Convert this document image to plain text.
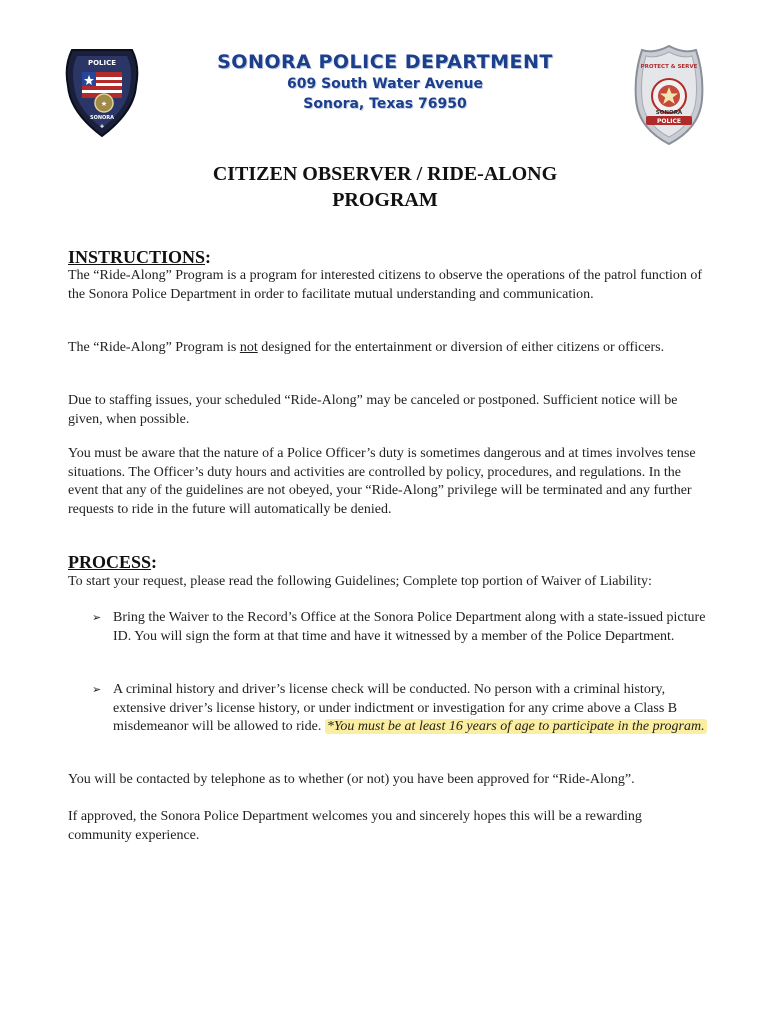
POLICE
★
SONORA
✚
SONORA POLICE DEPARTMENT
609 South Water Avenue
Sonora, Texas 76950
PROTECT & SERVE
SONORA
POLICE
CITIZEN OBSERVER / RIDE-ALONG
PROGRAM
INSTRUCTIONS:
The “Ride-Along” Program is a program for interested citizens to observe the operations of the patrol function of the Sonora Police Department in order to facilitate mutual understanding and communication.
The “Ride-Along” Program is not designed for the entertainment or diversion of either citizens or officers.
Due to staffing issues, your scheduled “Ride-Along” may be canceled or postponed. Sufficient notice will be given, when possible.
You must be aware that the nature of a Police Officer’s duty is sometimes dangerous and at times involves tense situations. The Officer’s duty hours and activities are controlled by policy, procedures, and regulations. In the event that any of the guidelines are not obeyed, your “Ride-Along” privilege will be terminated and any further requests to ride in the future will automatically be denied.
PROCESS:
To start your request, please read the following Guidelines; Complete top portion of Waiver of Liability:
➢ Bring the Waiver to the Record’s Office at the Sonora Police Department along with a state-issued picture ID. You will sign the form at that time and have it witnessed by a member of the Police Department.
➢ A criminal history and driver’s license check will be conducted. No person with a criminal history, extensive driver’s license history, or under indictment or investigation for any crime above a Class B misdemeanor will be allowed to ride. *You must be at least 16 years of age to participate in the program.
You will be contacted by telephone as to whether (or not) you have been approved for “Ride-Along”.
If approved, the Sonora Police Department welcomes you and sincerely hopes this will be a rewarding community experience.
